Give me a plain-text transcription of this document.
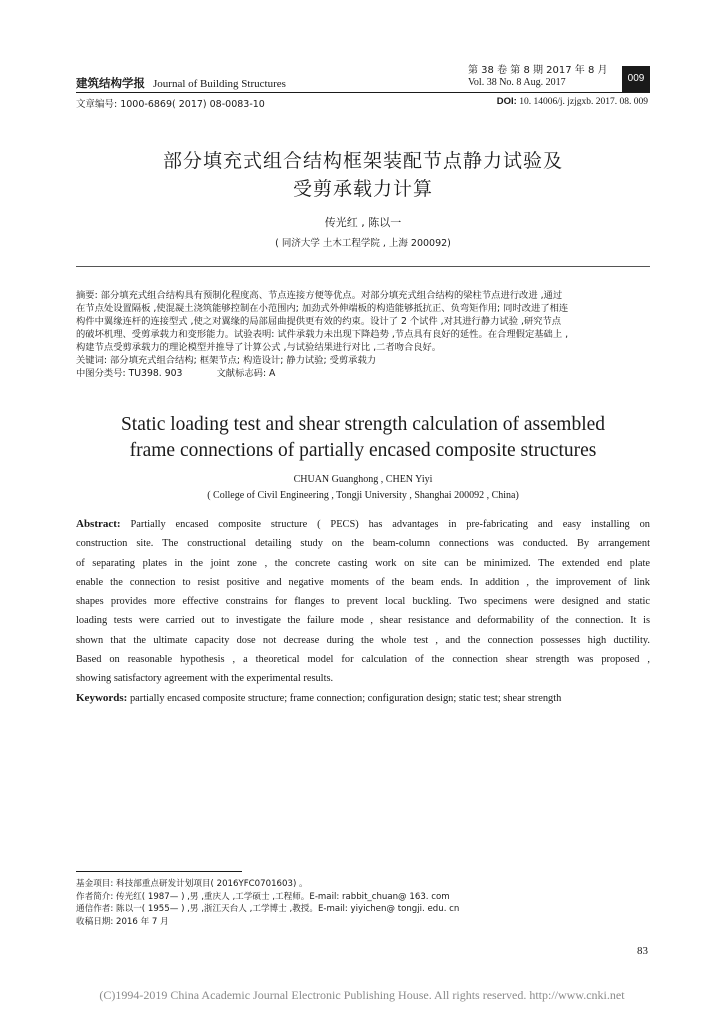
建筑结构学报 Journal of Building Structures
第 38 卷 第 8 期 2017 年 8 月
Vol. 38 No. 8 Aug. 2017	009
文章编号: 1000-6869( 2017) 08-0083-10	DOI: 10. 14006/j. jzjgxb. 2017. 08. 009
部分填充式组合结构框架装配节点静力试验及
受剪承载力计算
传光红 , 陈以一
( 同济大学 土木工程学院 , 上海 200092)

摘要: 部分填充式组合结构具有预制化程度高、节点连接方便等优点。对部分填充式组合结构的梁柱节点进行改进 ,通过

在节点处设置隔板 ,使混凝土浇筑能够控制在小范围内; 加劲式外伸端板的构造能够抵抗正、负弯矩作用; 同时改进了相连

构件中翼缘连杆的连接型式 ,使之对翼缘的局部屈曲提供更有效的约束。设计了 2 个试件 ,对其进行静力试验 ,研究节点

的破坏机理、受剪承载力和变形能力。试验表明: 试件承载力未出现下降趋势 ,节点具有良好的延性。在合理假定基础上 ,

构建节点受剪承载力的理论模型并推导了计算公式 ,与试验结果进行对比 ,二者吻合良好。

关键词: 部分填充式组合结构; 框架节点; 构造设计; 静力试验; 受剪承载力

中图分类号: TU398. 903	文献标志码: A

Static loading test and shear strength calculation of assembled
frame connections of partially encased composite structures
CHUAN Guanghong , CHEN Yiyi
( College of Civil Engineering , Tongji University , Shanghai 200092 , China)

Abstract: Partially encased composite structure ( PECS) has advantages in pre-fabricating and easy installing on

construction site. The constructional detailing study on the beam-column connections was conducted. By arrangement

of separating plates in the joint zone , the concrete casting work on site can be minimized. The extended end plate

enable the connection to resist positive and negative moments of the beam ends. In addition , the improvement of link

shapes provides more effective constrains for flanges to prevent local buckling. Two specimens were designed and static

loading tests were carried out to investigate the failure mode , shear resistance and deformability of the connection. It is

shown that the ultimate capacity dose not decrease during the whole test , and the connection possesses high ductility.

Based on reasonable hypothesis , a theoretical model for calculation of the connection shear strength was proposed ,

showing satisfactory agreement with the experimental results.

Keywords: partially encased composite structure; frame connection; configuration design; static test; shear strength

基金项目: 科技部重点研发计划项目( 2016YFC0701603) 。

作者简介: 传光红( 1987— ) ,男 ,重庆人 ,工学硕士 ,工程师。E-mail: rabbit_chuan@ 163. com

通信作者: 陈以一( 1955— ) ,男 ,浙江天台人 ,工学博士 ,教授。E-mail: yiyichen@ tongji. edu. cn

收稿日期: 2016 年 7 月

83
(C)1994-2019 China Academic Journal Electronic Publishing House. All rights reserved. http://www.cnki.net
